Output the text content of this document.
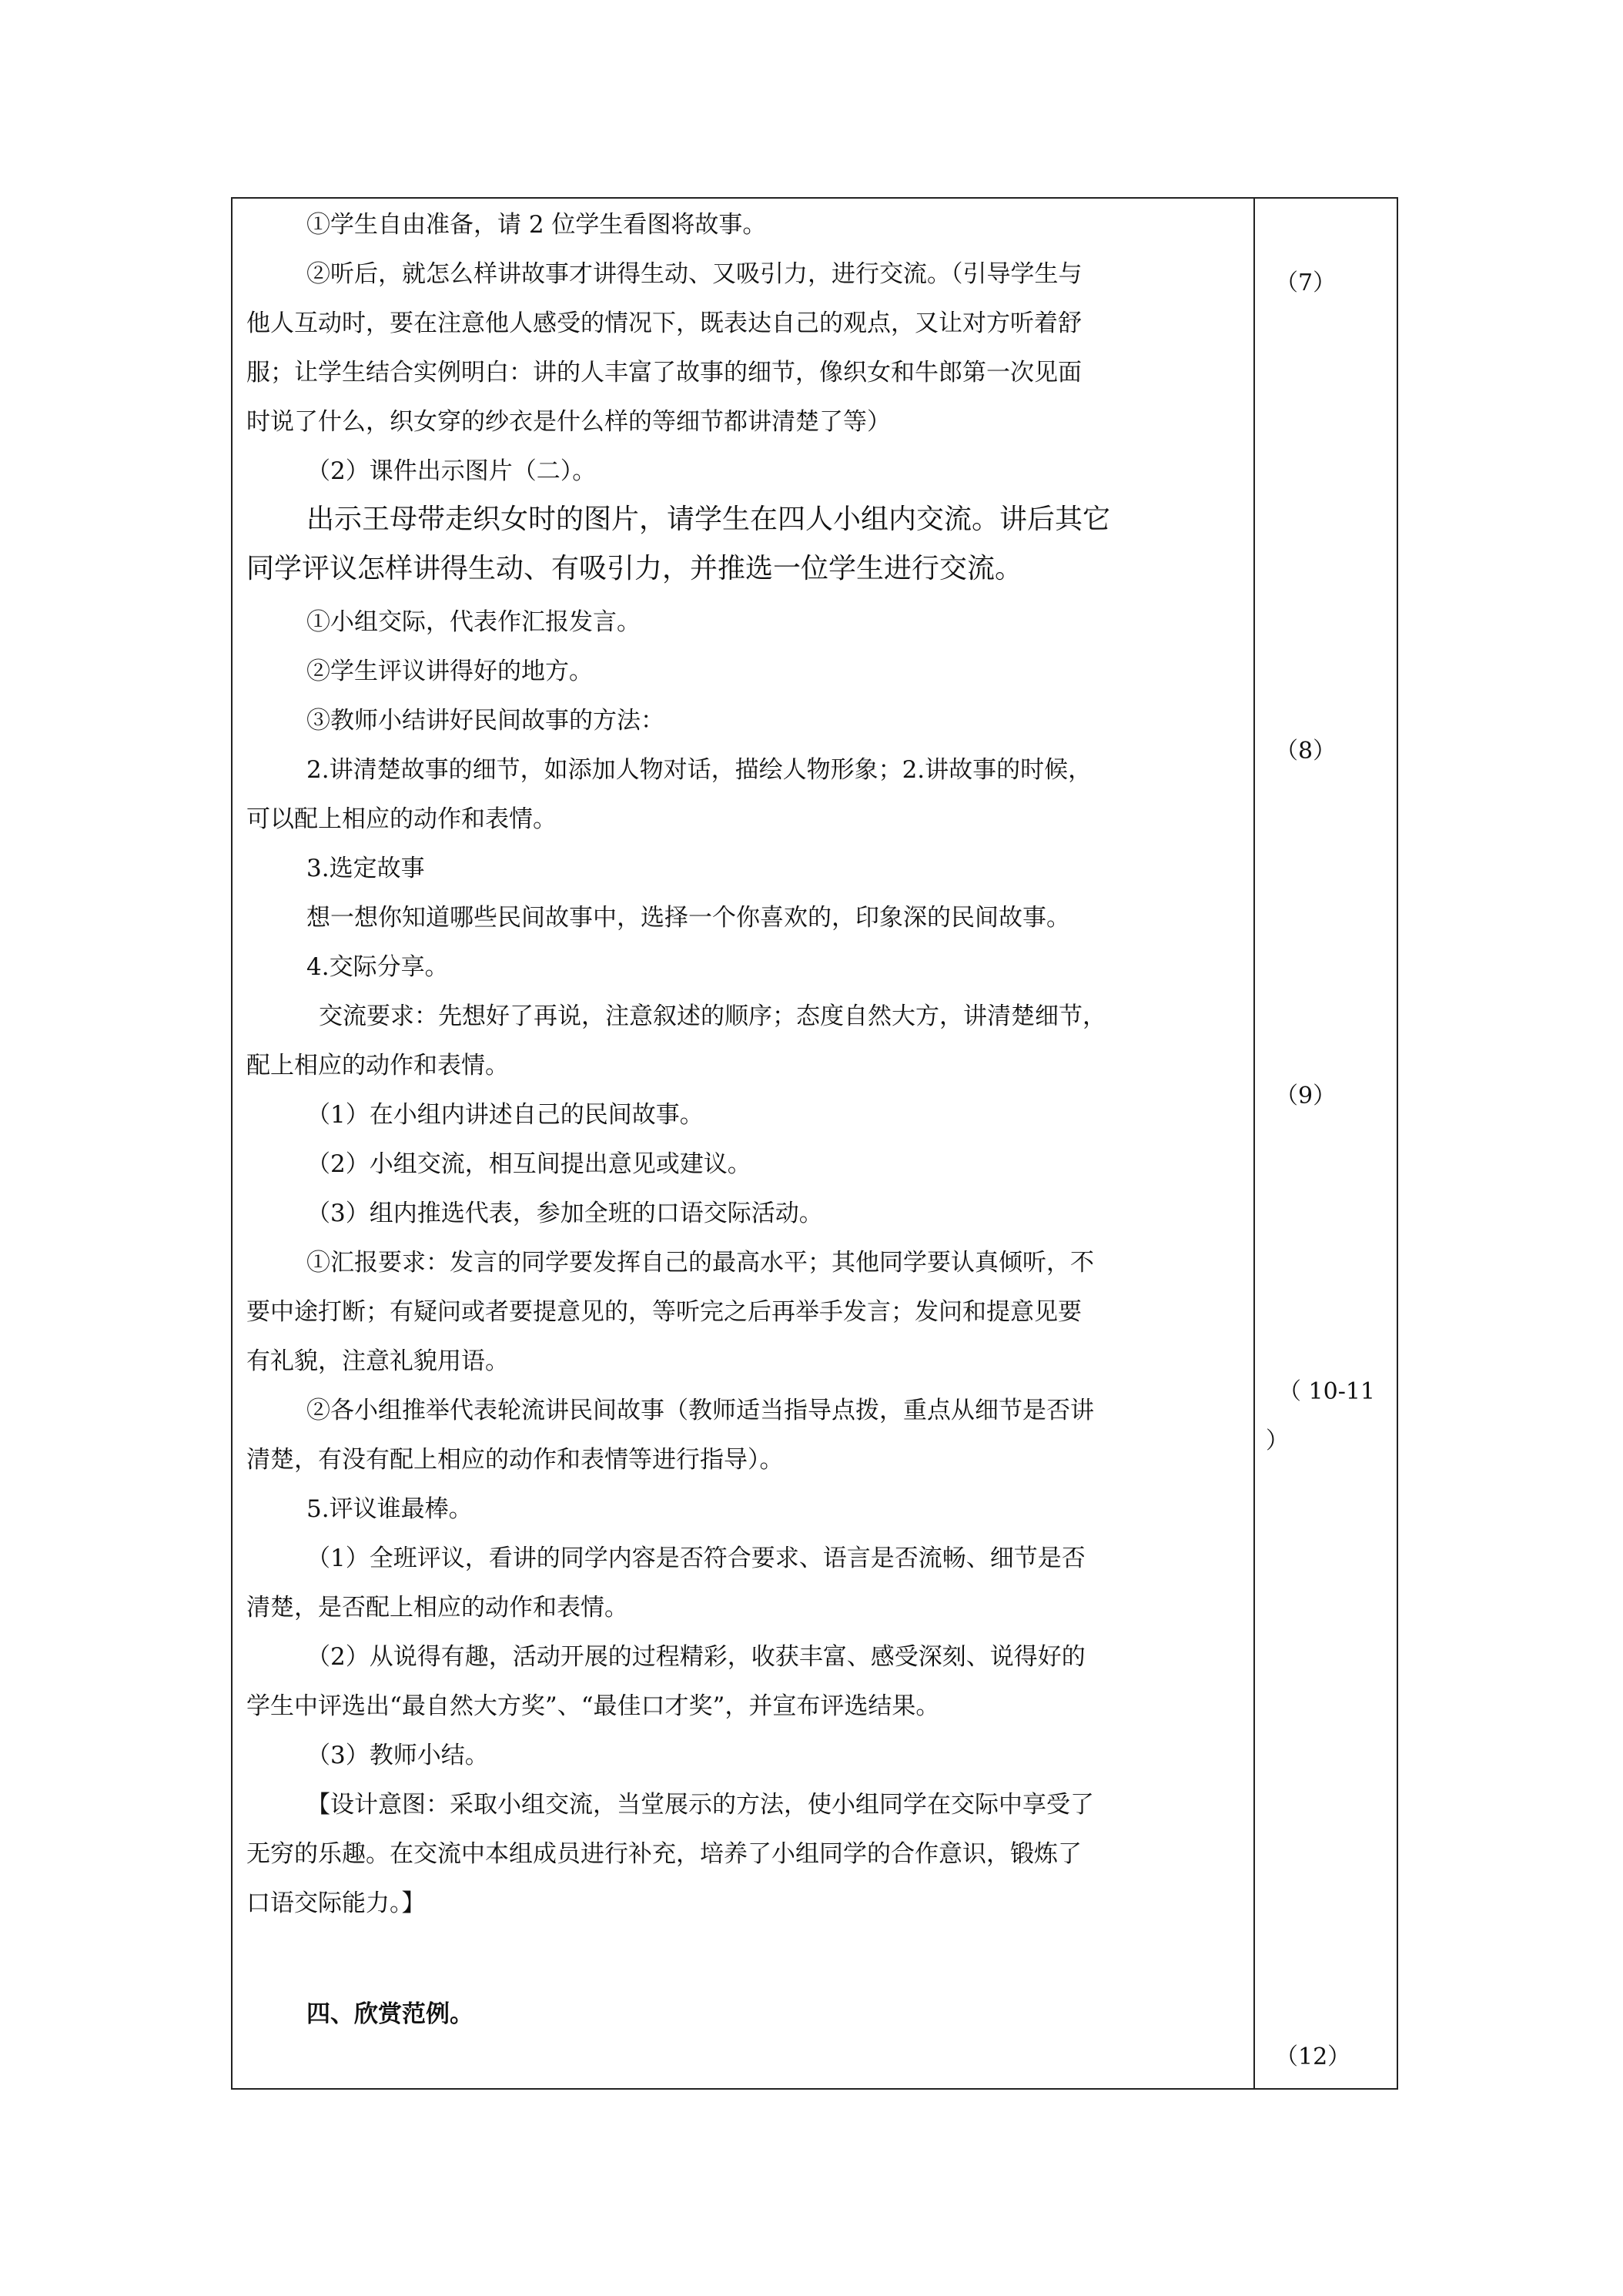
①学生自由准备，请 2 位学生看图将故事。
②听后，就怎么样讲故事才讲得生动、又吸引力，进行交流。（引导学生与
他人互动时，要在注意他人感受的情况下，既表达自己的观点，又让对方听着舒
服；让学生结合实例明白：讲的人丰富了故事的细节，像织女和牛郎第一次见面
时说了什么，织女穿的纱衣是什么样的等细节都讲清楚了等）
（2）课件出示图片（二）。
出示王母带走织女时的图片，请学生在四人小组内交流。讲后其它
同学评议怎样讲得生动、有吸引力，并推选一位学生进行交流。
①小组交际，代表作汇报发言。
②学生评议讲得好的地方。
③教师小结讲好民间故事的方法：
2.讲清楚故事的细节，如添加人物对话，描绘人物形象；2.讲故事的时候，
可以配上相应的动作和表情。
3.选定故事
想一想你知道哪些民间故事中，选择一个你喜欢的，印象深的民间故事。
4.交际分享。
交流要求：先想好了再说，注意叙述的顺序；态度自然大方，讲清楚细节，
配上相应的动作和表情。
（1）在小组内讲述自己的民间故事。
（2）小组交流，相互间提出意见或建议。
（3）组内推选代表，参加全班的口语交际活动。
①汇报要求：发言的同学要发挥自己的最高水平；其他同学要认真倾听，不
要中途打断；有疑问或者要提意见的，等听完之后再举手发言；发问和提意见要
有礼貌，注意礼貌用语。
②各小组推举代表轮流讲民间故事（教师适当指导点拨，重点从细节是否讲
清楚，有没有配上相应的动作和表情等进行指导）。
5.评议谁最棒。
（1）全班评议，看讲的同学内容是否符合要求、语言是否流畅、细节是否
清楚，是否配上相应的动作和表情。
（2）从说得有趣，活动开展的过程精彩，收获丰富、感受深刻、说得好的
学生中评选出“最自然大方奖”、“最佳口才奖”，并宣布评选结果。
（3）教师小结。
【设计意图：采取小组交流，当堂展示的方法，使小组同学在交际中享受了
无穷的乐趣。在交流中本组成员进行补充，培养了小组同学的合作意识，锻炼了
口语交际能力。】
四、欣赏范例。
（7）
（8）
（9）
（ 10-11
）
（12）
